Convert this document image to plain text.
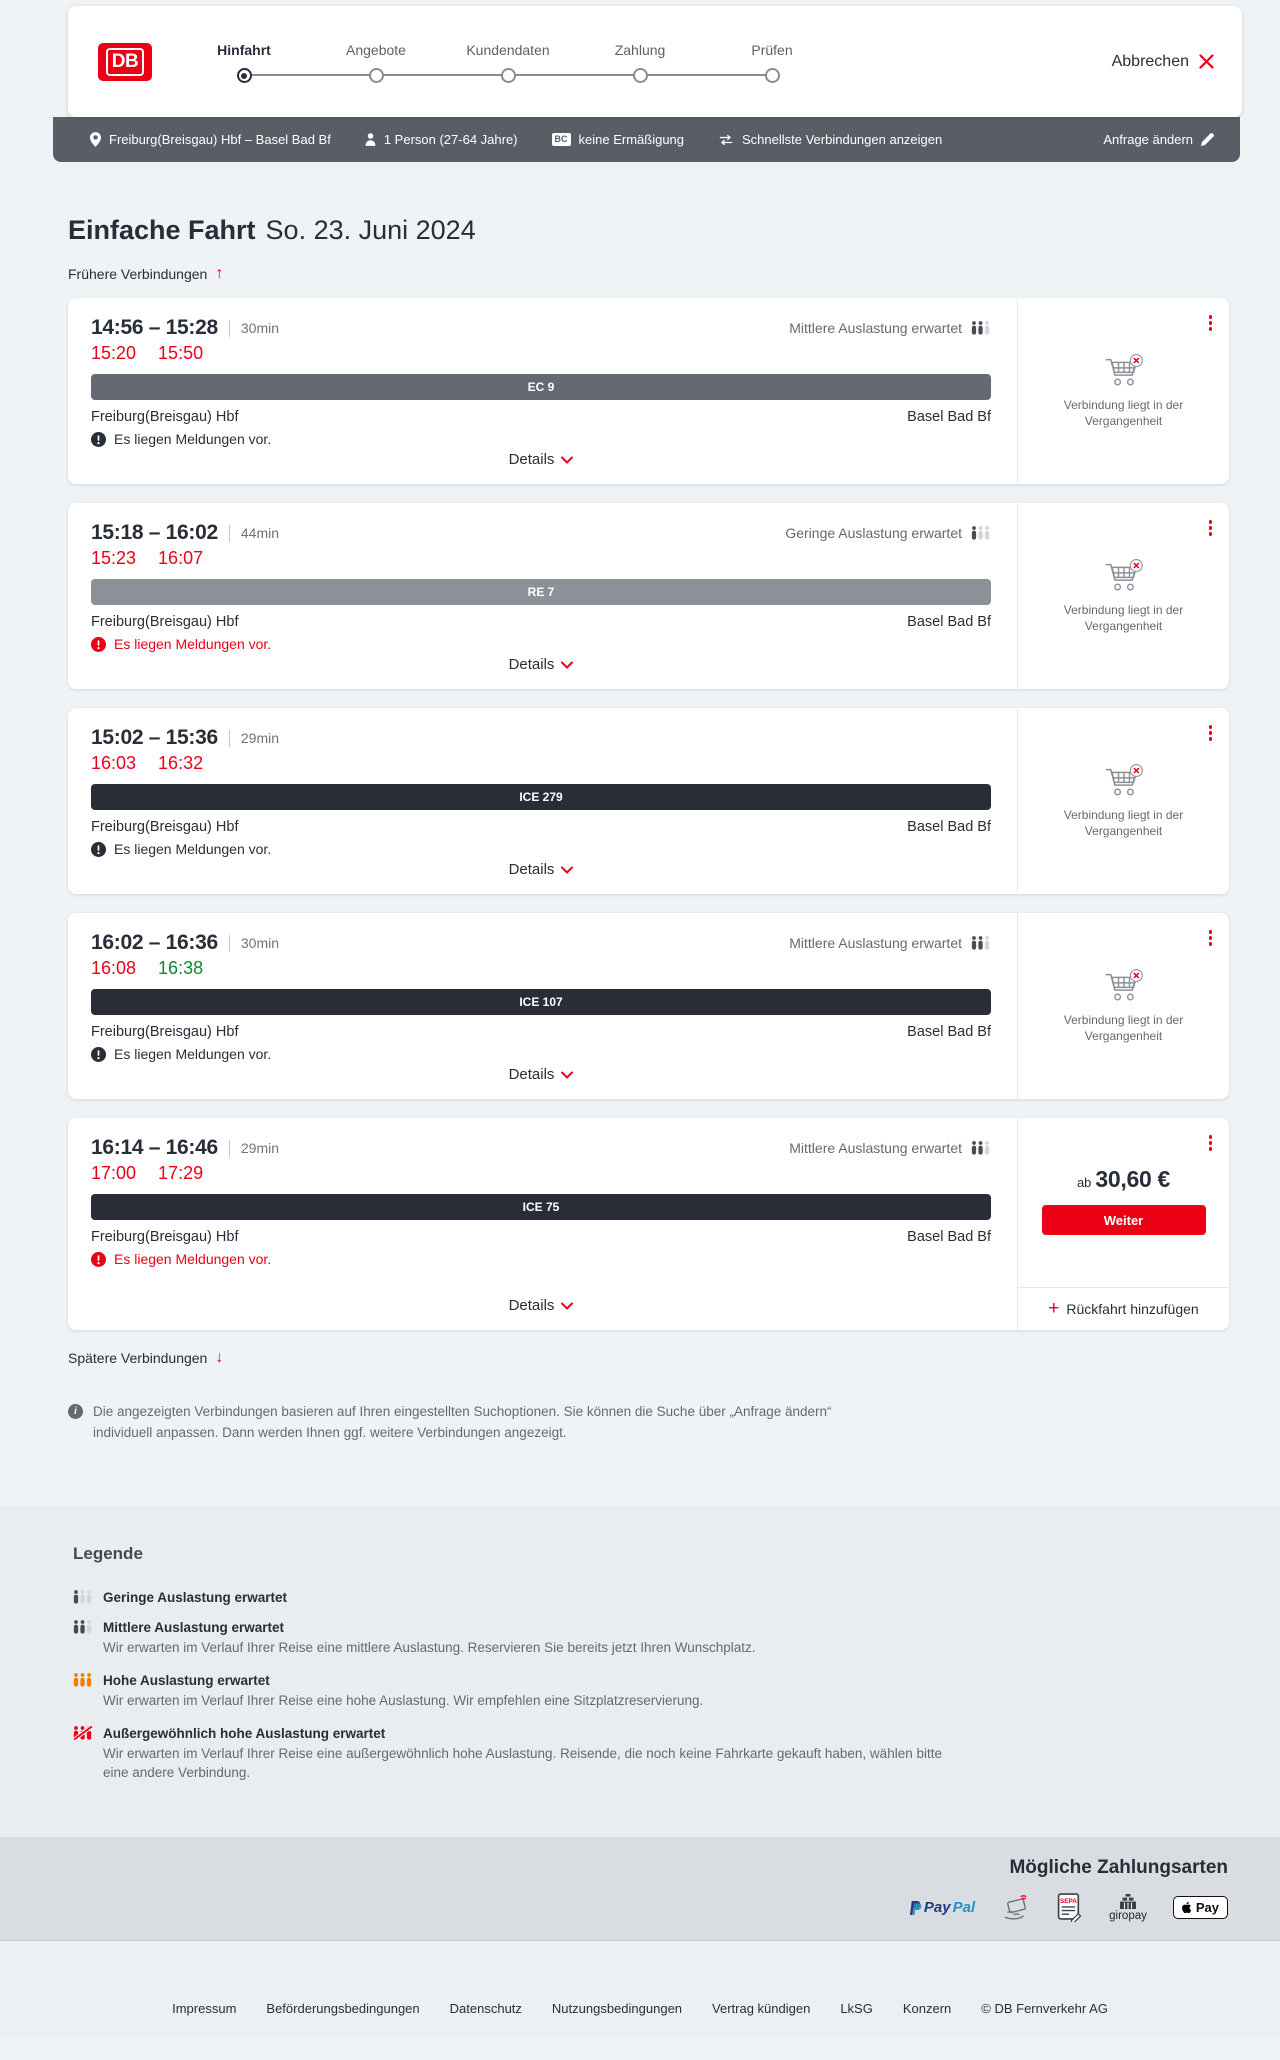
DB
Hinfahrt	Angebote	Kundendaten	Zahlung	Prüfen
Abbrechen
Freiburg(Breisgau) Hbf – Basel Bad Bf	1 Person (27-64 Jahre)	BC keine Ermäßigung	Schnellste Verbindungen anzeigen	Anfrage ändern
Einfache Fahrt So. 23. Juni 2024
Frühere Verbindungen ↑
14:56 – 15:28 30min	Mittlere Auslastung erwartet
15:20 15:50
EC 9
Freiburg(Breisgau) Hbf	Basel Bad Bf
Es liegen Meldungen vor.
Details

Verbindung liegt in der Vergangenheit

15:18 – 16:02 44min	Geringe Auslastung erwartet
15:23 16:07
RE 7
Freiburg(Breisgau) Hbf	Basel Bad Bf
Es liegen Meldungen vor.
Details

Verbindung liegt in der Vergangenheit

15:02 – 15:36 29min
16:03 16:32
ICE 279
Freiburg(Breisgau) Hbf	Basel Bad Bf
Es liegen Meldungen vor.
Details

Verbindung liegt in der Vergangenheit

16:02 – 16:36 30min	Mittlere Auslastung erwartet
16:08 16:38
ICE 107
Freiburg(Breisgau) Hbf	Basel Bad Bf
Es liegen Meldungen vor.
Details

Verbindung liegt in der Vergangenheit

16:14 – 16:46 29min	Mittlere Auslastung erwartet
17:00 17:29
ICE 75
Freiburg(Breisgau) Hbf	Basel Bad Bf
Es liegen Meldungen vor.
Details
ab 30,60 €
Weiter
+ Rückfahrt hinzufügen
Spätere Verbindungen ↓
i	Die angezeigten Verbindungen basieren auf Ihren eingestellten Suchoptionen. Sie können die Suche über „Anfrage ändern“ individuell anpassen. Dann werden Ihnen ggf. weitere Verbindungen angezeigt.

Legende
Geringe Auslastung erwartet
Mittlere Auslastung erwartet

Wir erwarten im Verlauf Ihrer Reise eine mittlere Auslastung. Reservieren Sie bereits jetzt Ihren Wunschplatz.

Hohe Auslastung erwartet

Wir erwarten im Verlauf Ihrer Reise eine hohe Auslastung. Wir empfehlen eine Sitzplatzreservierung.

Außergewöhnlich hohe Auslastung erwartet

Wir erwarten im Verlauf Ihrer Reise eine außergewöhnlich hohe Auslastung. Reisende, die noch keine Fahrkarte gekauft haben, wählen bitte eine andere Verbindung.

Mögliche Zahlungsarten
Pay Pal	SEPA
giropay
Pay
Impressum Beförderungsbedingungen Datenschutz Nutzungsbedingungen Vertrag kündigen LkSG Konzern © DB Fernverkehr AG
